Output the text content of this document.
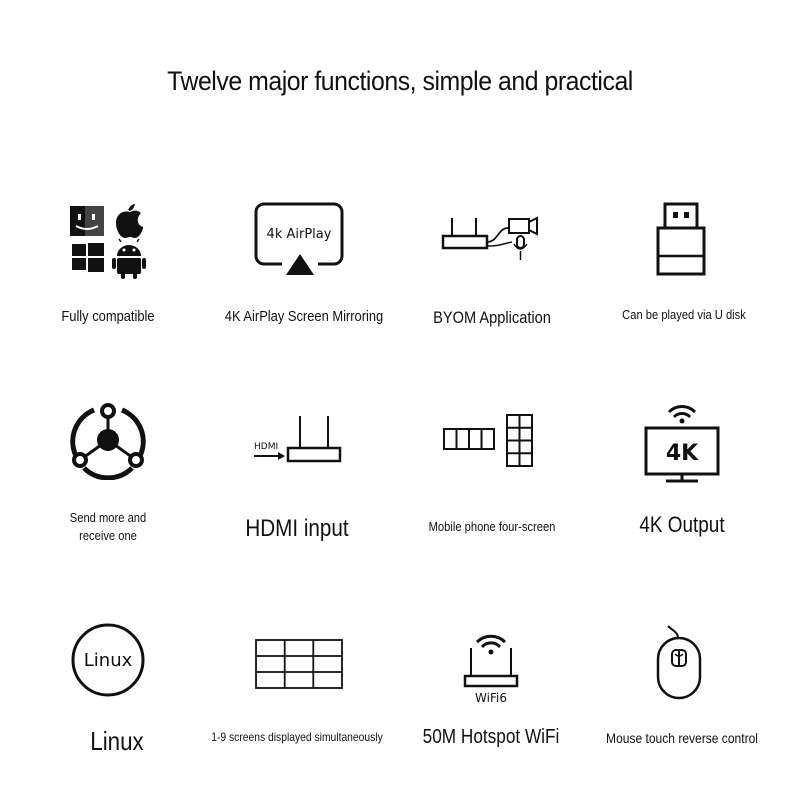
Twelve major functions, simple and practical
Fully compatible
4k AirPlay
4K AirPlay Screen Mirroring	BYOM Application	Can be played via U disk
Send more and
receive one
HDMI
HDMI input	Mobile phone four-screen
4K
4K Output
Linux
Linux	1-9 screens displayed simultaneously
WiFi6
50M Hotspot WiFi	Mouse touch reverse control
